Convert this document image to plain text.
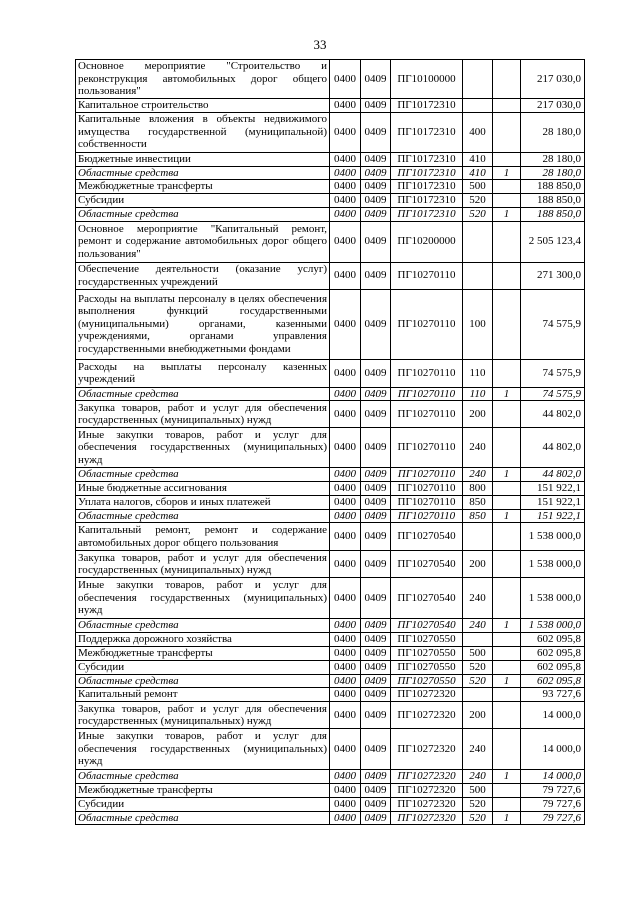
33
Основное мероприятие "Строительство и реконструкция автомобильных дорог общего пользования"	0400	0409	ПГ10100000			217 030,0
Капитальное строительство	0400	0409	ПГ10172310			217 030,0
Капитальные вложения в объекты недвижимого имущества государственной (муниципальной) собственности	0400	0409	ПГ10172310	400		28 180,0
Бюджетные инвестиции	0400	0409	ПГ10172310	410		28 180,0
Областные средства	0400	0409	ПГ10172310	410	1	28 180,0
Межбюджетные трансферты	0400	0409	ПГ10172310	500		188 850,0
Субсидии	0400	0409	ПГ10172310	520		188 850,0
Областные средства	0400	0409	ПГ10172310	520	1	188 850,0
Основное мероприятие "Капитальный ремонт, ремонт и содержание автомобильных дорог общего пользования"	0400	0409	ПГ10200000			2 505 123,4
Обеспечение деятельности (оказание услуг) государственных учреждений	0400	0409	ПГ10270110			271 300,0
Расходы на выплаты персоналу в целях обеспечения выполнения функций государственными (муниципальными) органами, казенными учреждениями, органами управления государственными внебюджетными фондами	0400	0409	ПГ10270110	100		74 575,9
Расходы на выплаты персоналу казенных учреждений	0400	0409	ПГ10270110	110		74 575,9
Областные средства	0400	0409	ПГ10270110	110	1	74 575,9
Закупка товаров, работ и услуг для обеспечения государственных (муниципальных) нужд	0400	0409	ПГ10270110	200		44 802,0
Иные закупки товаров, работ и услуг для обеспечения государственных (муниципальных) нужд	0400	0409	ПГ10270110	240		44 802,0
Областные средства	0400	0409	ПГ10270110	240	1	44 802,0
Иные бюджетные ассигнования	0400	0409	ПГ10270110	800		151 922,1
Уплата налогов, сборов и иных платежей	0400	0409	ПГ10270110	850		151 922,1
Областные средства	0400	0409	ПГ10270110	850	1	151 922,1
Капитальный ремонт, ремонт и содержание автомобильных дорог общего пользования	0400	0409	ПГ10270540			1 538 000,0
Закупка товаров, работ и услуг для обеспечения государственных (муниципальных) нужд	0400	0409	ПГ10270540	200		1 538 000,0
Иные закупки товаров, работ и услуг для обеспечения государственных (муниципальных) нужд	0400	0409	ПГ10270540	240		1 538 000,0
Областные средства	0400	0409	ПГ10270540	240	1	1 538 000,0
Поддержка дорожного хозяйства	0400	0409	ПГ10270550			602 095,8
Межбюджетные трансферты	0400	0409	ПГ10270550	500		602 095,8
Субсидии	0400	0409	ПГ10270550	520		602 095,8
Областные средства	0400	0409	ПГ10270550	520	1	602 095,8
Капитальный ремонт	0400	0409	ПГ10272320			93 727,6
Закупка товаров, работ и услуг для обеспечения государственных (муниципальных) нужд	0400	0409	ПГ10272320	200		14 000,0
Иные закупки товаров, работ и услуг для обеспечения государственных (муниципальных) нужд	0400	0409	ПГ10272320	240		14 000,0
Областные средства	0400	0409	ПГ10272320	240	1	14 000,0
Межбюджетные трансферты	0400	0409	ПГ10272320	500		79 727,6
Субсидии	0400	0409	ПГ10272320	520		79 727,6
Областные средства	0400	0409	ПГ10272320	520	1	79 727,6
